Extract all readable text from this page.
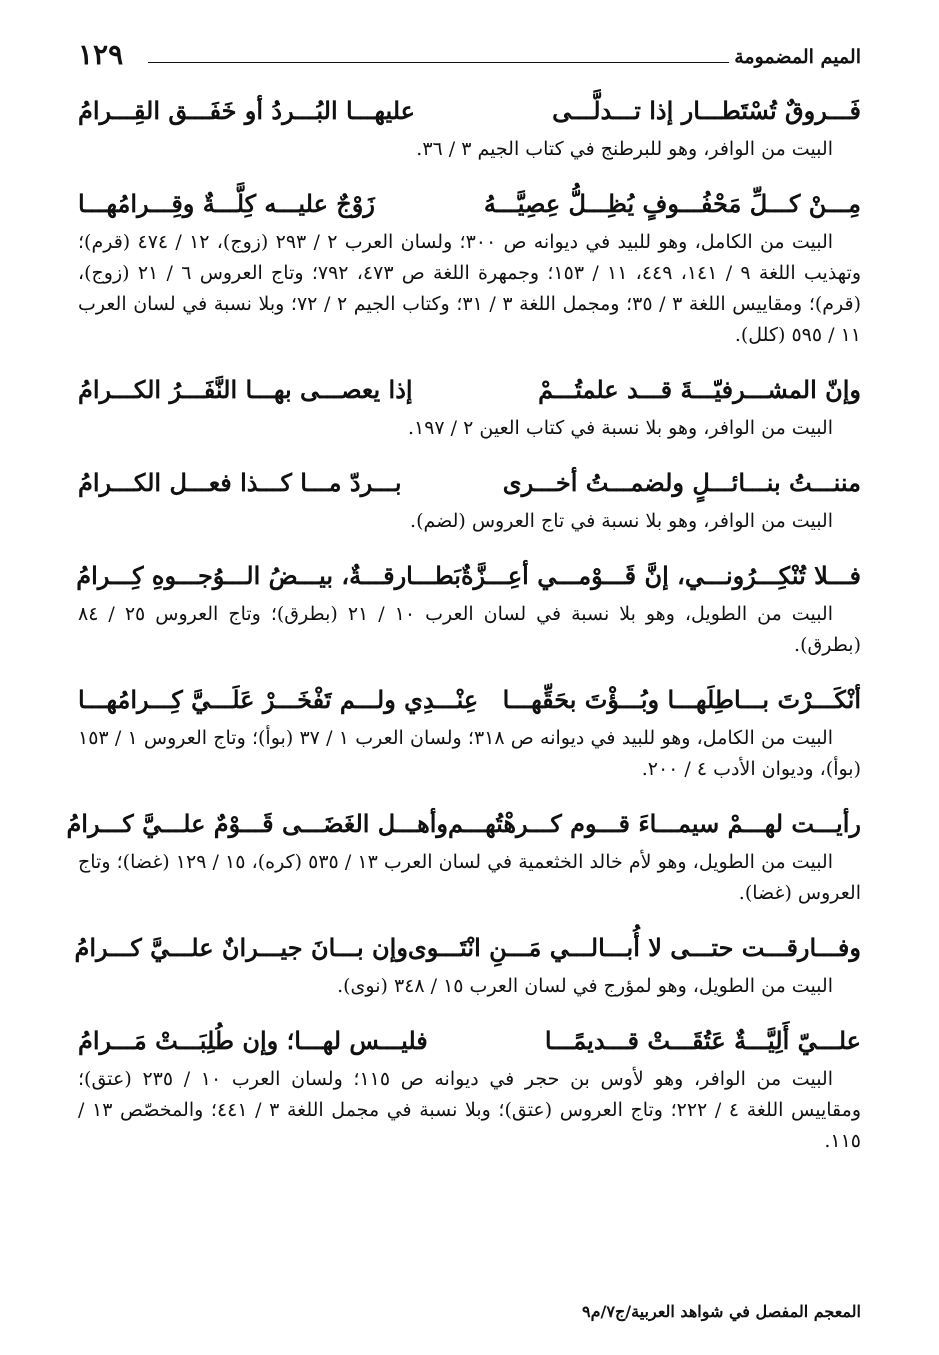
الميم المضمومة
١٢٩
فَـــروقٌ تُسْتَطـــار إذا تـــدلَّـــى
عليهـــا البُـــردُ أو خَفَـــق القِـــرامُ
البيت من الوافر، وهو للبرطنج في كتاب الجيم ٣ / ٣٦.
مِـــنْ كـــلِّ مَحْفُـــوفٍ يُظِـــلُّ عِصِيَّـــهُ
زَوْجٌ عليـــه كِلَّـــةٌ وقِـــرامُهـــا
البيت من الكامل، وهو للبيد في ديوانه ص ٣٠٠؛ ولسان العرب ٢ / ٢٩٣ (زوج)، ١٢ / ٤٧٤ (قرم)؛ وتهذيب اللغة ٩ / ١٤١، ٤٤٩، ١١ / ١٥٣؛ وجمهرة اللغة ص ٤٧٣، ٧٩٢؛ وتاج العروس ٦ / ٢١ (زوج)، (قرم)؛ ومقاييس اللغة ٣ / ٣٥؛ ومجمل اللغة ٣ / ٣١؛ وكتاب الجيم ٢ / ٧٢؛ وبلا نسبة في لسان العرب ١١ / ٥٩٥ (كلل).
وإنّ المشـــرفيّـــةَ قـــد علمتُـــمْ
إذا يعصـــى بهـــا النَّفَـــرُ الكـــرامُ
البيت من الوافر، وهو بلا نسبة في كتاب العين ٢ / ١٩٧.
مننـــتُ بنـــائـــلٍ ولضمـــتُ أخـــرى
بـــردّ مـــا كـــذا فعـــل الكـــرامُ
البيت من الوافر، وهو بلا نسبة في تاج العروس (لضم).
فـــلا تُنْكِـــرُونـــي، إنَّ قَـــوْمـــي أعِـــزَّةٌ
بَطـــارقـــةٌ، بيـــضُ الـــوُجـــوهِ كِـــرامُ
البيت من الطويل، وهو بلا نسبة في لسان العرب ١٠ / ٢١ (بطرق)؛ وتاج العروس ٢٥ / ٨٤ (بطرق).
أنْكَـــرْتَ بـــاطِلَهـــا وبُـــؤْتَ بحَقِّهـــا
عِنْـــدِي ولـــم تَفْخَـــرْ عَلَـــيَّ كِـــرامُهـــا
البيت من الكامل، وهو للبيد في ديوانه ص ٣١٨؛ ولسان العرب ١ / ٣٧ (بوأ)؛ وتاج العروس ١ / ١٥٣ (بوأ)، وديوان الأدب ٤ / ٢٠٠.
رأيـــت لهـــمْ سيمـــاءَ قـــوم كـــرهْتُهـــم
وأهـــل الغَضَـــى قَـــوْمٌ علـــيَّ كـــرامُ
البيت من الطويل، وهو لأم خالد الخثعمية في لسان العرب ١٣ / ٥٣٥ (كره)، ١٥ / ١٢٩ (غضا)؛ وتاج العروس (غضا).
وفـــارقـــت حتـــى لا أُبـــالـــي مَـــنِ انْتَـــوى
وإن بـــانَ جيـــرانٌ علـــيَّ كـــرامُ
البيت من الطويل، وهو لمؤرج في لسان العرب ١٥ / ٣٤٨ (نوى).
علـــيّ أَلِيَّـــةٌ عَتُقَـــتْ قـــديمًـــا
فليـــس لهـــا؛ وإن طُلِبَـــتْ مَـــرامُ
البيت من الوافر، وهو لأوس بن حجر في ديوانه ص ١١٥؛ ولسان العرب ١٠ / ٢٣٥ (عتق)؛ ومقاييس اللغة ٤ / ٢٢٢؛ وتاج العروس (عتق)؛ وبلا نسبة في مجمل اللغة ٣ / ٤٤١؛ والمخصّص ١٣ / ١١٥.
المعجم المفصل في شواهد العربية/ج٧/م٩
